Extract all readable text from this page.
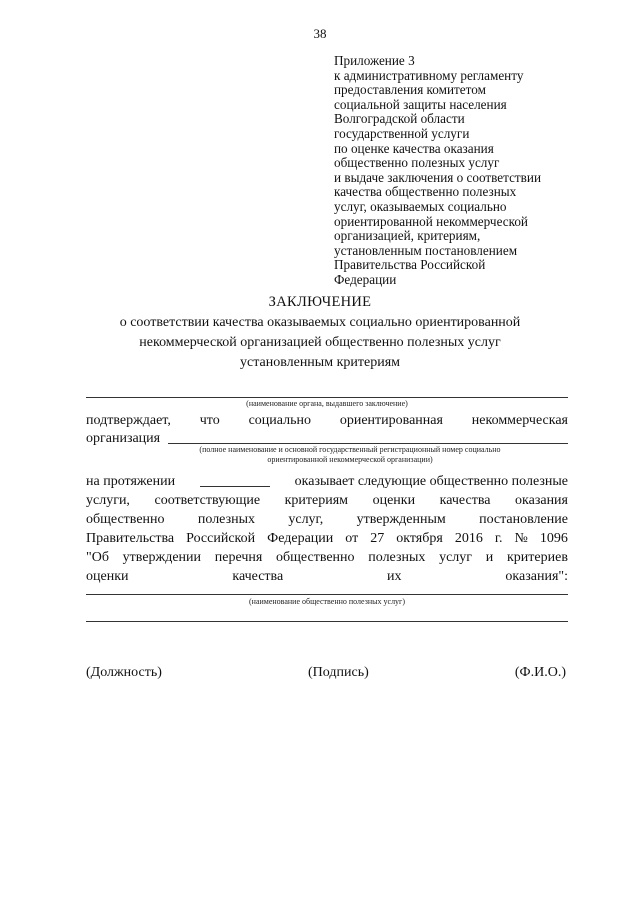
38
Приложение 3
к административному регламенту
предоставления комитетом
социальной защиты населения
Волгоградской области
государственной услуги
по оценке качества оказания
общественно полезных услуг
и выдаче заключения о соответствии
качества общественно полезных
услуг, оказываемых социально
ориентированной некоммерческой
организацией, критериям,
установленным постановлением
Правительства Российской
Федерации
ЗАКЛЮЧЕНИЕ
о соответствии качества оказываемых социально ориентированной
некоммерческой организацией общественно полезных услуг
установленным критериям
(наименование органа, выдавшего заключение)
подтверждает, что социально ориентированная некоммерческая
организация
(полное наименование и основной государственный регистрационный номер социально
ориентированной некоммерческой организации)
на протяжении	оказывает следующие общественно полезные
услуги, соответствующие критериям оценки качества оказания
общественно полезных услуг, утвержденным постановление
Правительства Российской Федерации от 27 октября 2016 г. № 1096
"Об утверждении перечня общественно полезных услуг и критериев
оценки	качества	их	оказания":
(наименование общественно полезных услуг)
(Должность)	(Подпись)	(Ф.И.О.)
